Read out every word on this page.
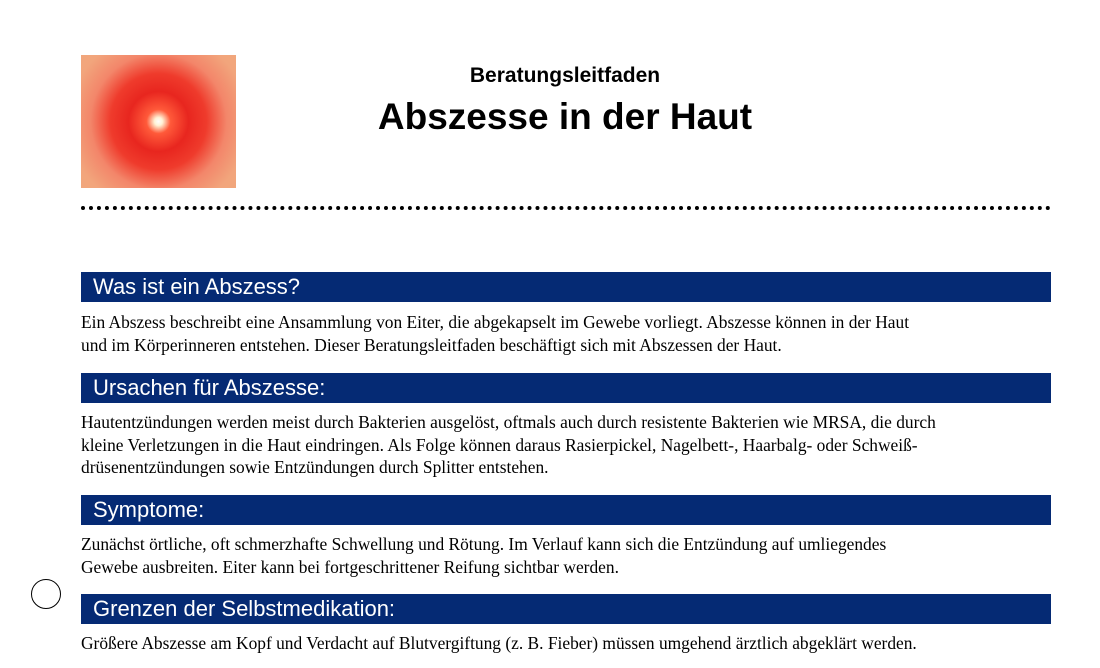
Beratungsleitfaden
Abszesse in der Haut
Was ist ein Abszess?
Ein Abszess beschreibt eine Ansammlung von Eiter, die abgekapselt im Gewebe vorliegt. Abszesse können in der Haut
und im Körperinneren entstehen. Dieser Beratungsleitfaden beschäftigt sich mit Abszessen der Haut.
Ursachen für Abszesse:
Hautentzündungen werden meist durch Bakterien ausgelöst, oftmals auch durch resistente Bakterien wie MRSA, die durch
kleine Verletzungen in die Haut eindringen. Als Folge können daraus Rasierpickel, Nagelbett-, Haarbalg- oder Schweiß-
drüsenentzündungen sowie Entzündungen durch Splitter entstehen.
Symptome:
Zunächst örtliche, oft schmerzhafte Schwellung und Rötung. Im Verlauf kann sich die Entzündung auf umliegendes
Gewebe ausbreiten. Eiter kann bei fortgeschrittener Reifung sichtbar werden.
Grenzen der Selbstmedikation:
Größere Abszesse am Kopf und Verdacht auf Blutvergiftung (z. B. Fieber) müssen umgehend ärztlich abgeklärt werden.
